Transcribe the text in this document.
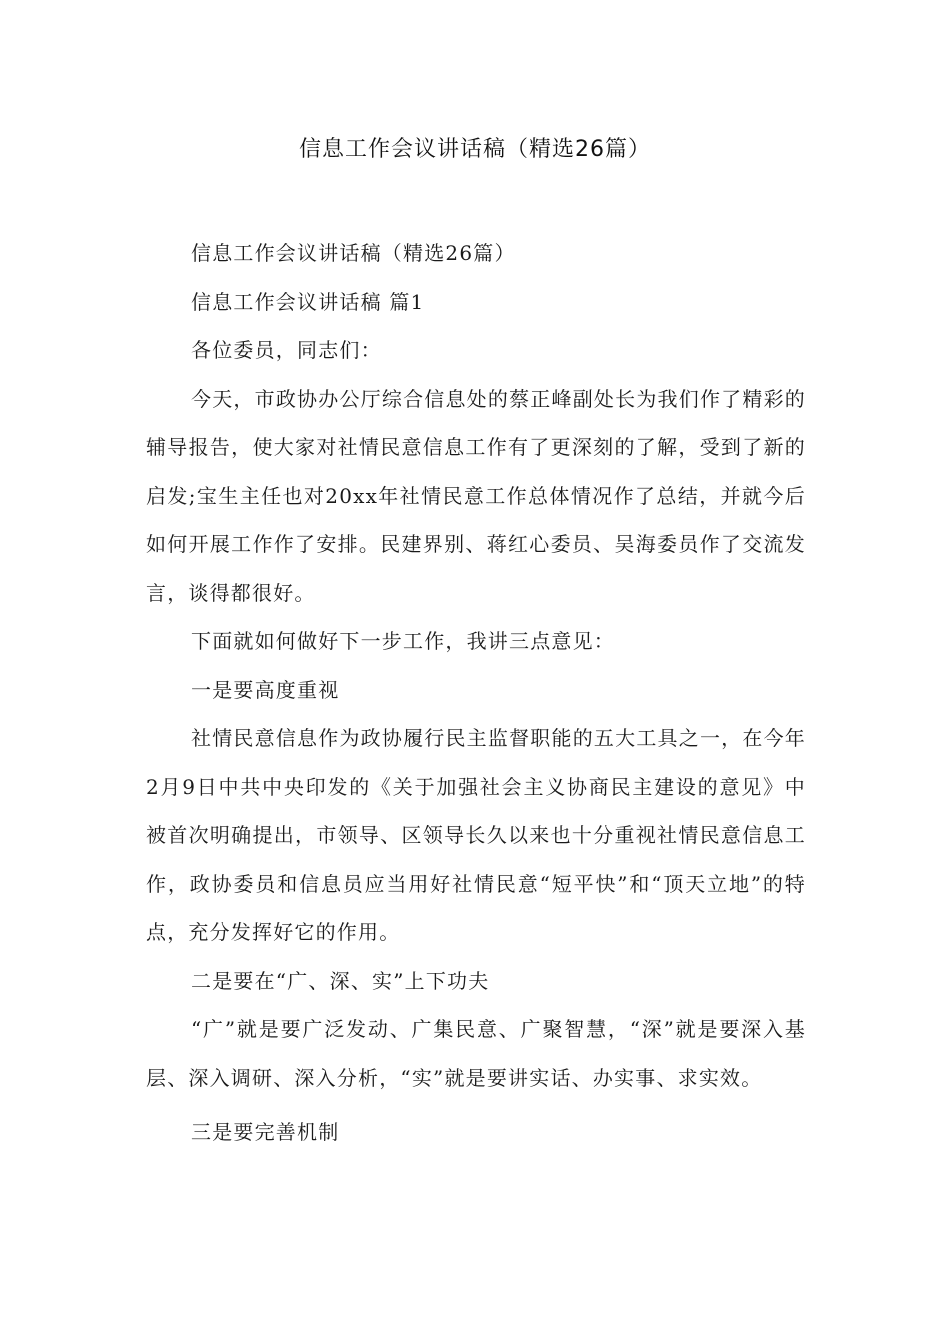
信息工作会议讲话稿（精选26篇）

信息工作会议讲话稿（精选26篇）

信息工作会议讲话稿 篇1

各位委员，同志们：

今天，市政协办公厅综合信息处的蔡正峰副处长为我们作了精彩的辅导报告，使大家对社情民意信息工作有了更深刻的了解，受到了新的启发;宝生主任也对20xx年社情民意工作总体情况作了总结，并就今后如何开展工作作了安排。民建界别、蒋红心委员、吴海委员作了交流发言，谈得都很好。

下面就如何做好下一步工作，我讲三点意见：

一是要高度重视

社情民意信息作为政协履行民主监督职能的五大工具之一，在今年2月9日中共中央印发的《关于加强社会主义协商民主建设的意见》中被首次明确提出，市领导、区领导长久以来也十分重视社情民意信息工作，政协委员和信息员应当用好社情民意“短平快”和“顶天立地”的特点，充分发挥好它的作用。

二是要在“广、深、实”上下功夫

“广”就是要广泛发动、广集民意、广聚智慧，“深”就是要深入基层、深入调研、深入分析，“实”就是要讲实话、办实事、求实效。

三是要完善机制
